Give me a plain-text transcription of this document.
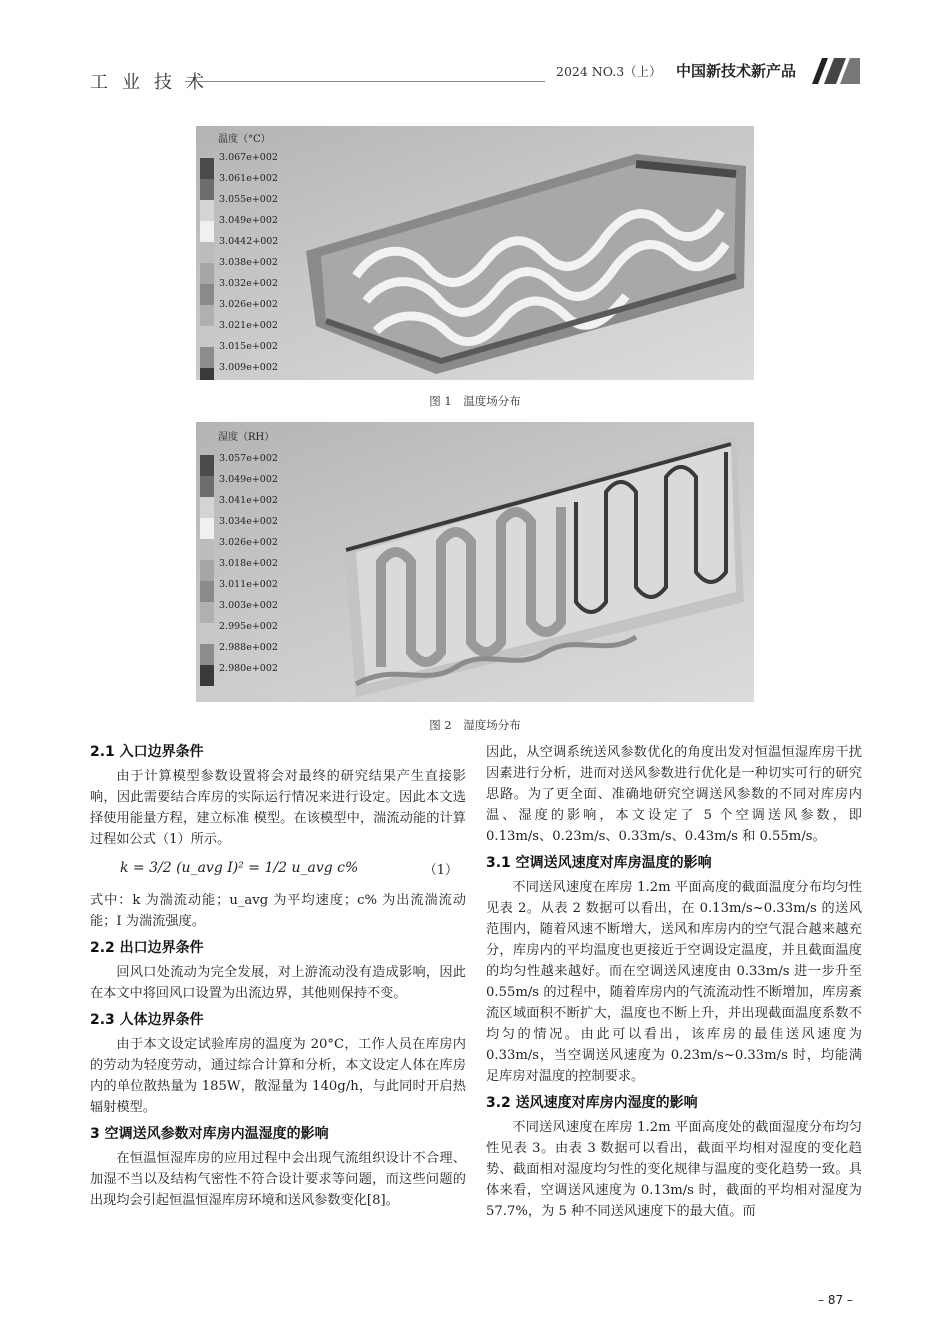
工业技术
2024 NO.3（上） 中国新技术新产品
温度（°C）
3.067e+002
3.061e+002
3.055e+002
3.049e+002
3.0442+002
3.038e+002
3.032e+002
3.026e+002
3.021e+002
3.015e+002
3.009e+002
图 1　温度场分布
湿度（RH）
3.057e+002
3.049e+002
3.041e+002
3.034e+002
3.026e+002
3.018e+002
3.011e+002
3.003e+002
2.995e+002
2.988e+002
2.980e+002
图 2　湿度场分布
2.1 入口边界条件
由于计算模型参数设置将会对最终的研究结果产生直接影响，因此需要结合库房的实际运行情况来进行设定。因此本文选择使用能量方程，建立标准 模型。在该模型中，湍流动能的计算过程如公式（1）所示。
k = 3/2 (u_avg I)² = 1/2 u_avg c%	（1）
式中：k 为湍流动能；u_avg 为平均速度；c% 为出流湍流动能；I 为湍流强度。
2.2 出口边界条件
回风口处流动为完全发展，对上游流动没有造成影响，因此在本文中将回风口设置为出流边界，其他则保持不变。
2.3 人体边界条件
由于本文设定试验库房的温度为 20°C，工作人员在库房内的劳动为轻度劳动，通过综合计算和分析，本文设定人体在库房内的单位散热量为 185W，散湿量为 140g/h，与此同时开启热辐射模型。
3 空调送风参数对库房内温湿度的影响
在恒温恒湿库房的应用过程中会出现气流组织设计不合理、加湿不当以及结构气密性不符合设计要求等问题，而这些问题的出现均会引起恒温恒湿库房环境和送风参数变化[8]。
因此，从空调系统送风参数优化的角度出发对恒温恒湿库房干扰因素进行分析，进而对送风参数进行优化是一种切实可行的研究思路。为了更全面、准确地研究空调送风参数的不同对库房内温、湿度的影响，本文设定了 5 个空调送风参数，即 0.13m/s、0.23m/s、0.33m/s、0.43m/s 和 0.55m/s。
3.1 空调送风速度对库房温度的影响
不同送风速度在库房 1.2m 平面高度的截面温度分布均匀性见表 2。从表 2 数据可以看出，在 0.13m/s~0.33m/s 的送风范围内，随着风速不断增大，送风和库房内的空气混合越来越充分，库房内的平均温度也更接近于空调设定温度，并且截面温度的均匀性越来越好。而在空调送风速度由 0.33m/s 进一步升至 0.55m/s 的过程中，随着库房内的气流流动性不断增加，库房紊流区域面积不断扩大，温度也不断上升，并出现截面温度系数不均匀的情况。由此可以看出，该库房的最佳送风速度为 0.33m/s，当空调送风速度为 0.23m/s~0.33m/s 时，均能满足库房对温度的控制要求。
3.2 送风速度对库房内湿度的影响
不同送风速度在库房 1.2m 平面高度处的截面湿度分布均匀性见表 3。由表 3 数据可以看出，截面平均相对湿度的变化趋势、截面相对湿度均匀性的变化规律与温度的变化趋势一致。具体来看，空调送风速度为 0.13m/s 时，截面的平均相对湿度为 57.7%，为 5 种不同送风速度下的最大值。而
– 87 –
